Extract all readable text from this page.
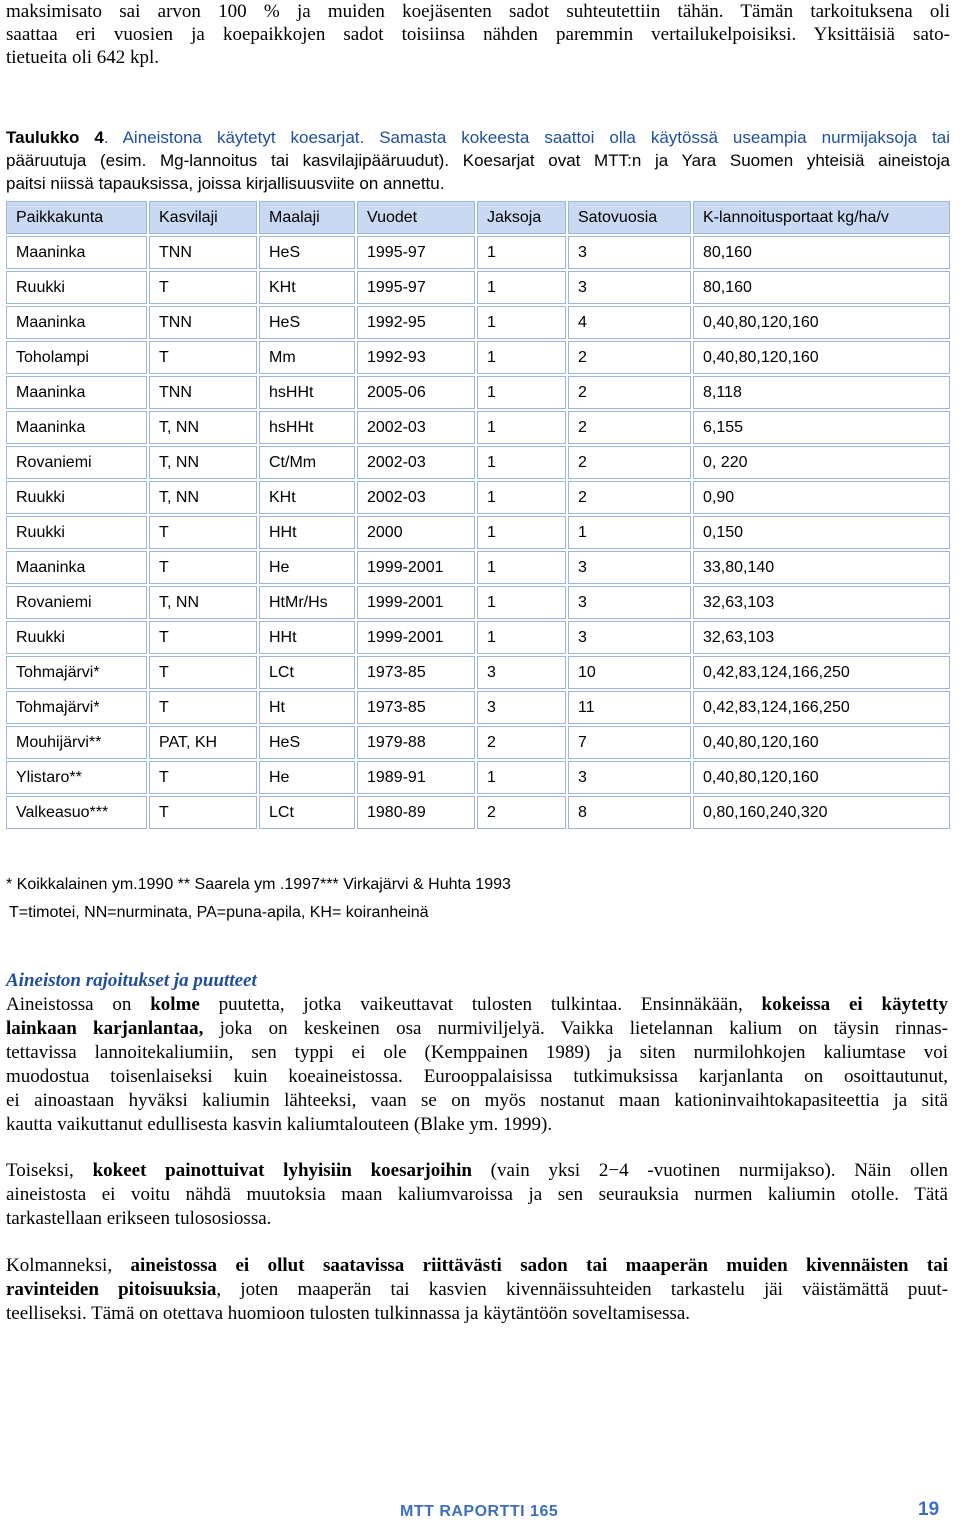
maksimisato sai arvon 100 % ja muiden koejäsenten sadot suhteutettiin tähän. Tämän tarkoituksena oli
saattaa eri vuosien ja koepaikkojen sadot toisiinsa nähden paremmin vertailukelpoisiksi. Yksittäisiä sato-
tietueita oli 642 kpl.
Taulukko 4. Aineistona käytetyt koesarjat. Samasta kokeesta saattoi olla käytössä useampia nurmijaksoja tai
pääruutuja (esim. Mg-lannoitus tai kasvilajipääruudut). Koesarjat ovat MTT:n ja Yara Suomen yhteisiä aineistoja
paitsi niissä tapauksissa, joissa kirjallisuusviite on annettu.
Paikkakunta	Kasvilaji	Maalaji	Vuodet	Jaksoja	Satovuosia	K-lannoitusportaat kg/ha/v
Maaninka	TNN	HeS	1995-97	1	3	80,160
Ruukki	T	KHt	1995-97	1	3	80,160
Maaninka	TNN	HeS	1992-95	1	4	0,40,80,120,160
Toholampi	T	Mm	1992-93	1	2	0,40,80,120,160
Maaninka	TNN	hsHHt	2005-06	1	2	8,118
Maaninka	T, NN	hsHHt	2002-03	1	2	6,155
Rovaniemi	T, NN	Ct/Mm	2002-03	1	2	0, 220
Ruukki	T, NN	KHt	2002-03	1	2	0,90
Ruukki	T	HHt	2000	1	1	0,150
Maaninka	T	He	1999-2001	1	3	33,80,140
Rovaniemi	T, NN	HtMr/Hs	1999-2001	1	3	32,63,103
Ruukki	T	HHt	1999-2001	1	3	32,63,103
Tohmajärvi*	T	LCt	1973-85	3	10	0,42,83,124,166,250
Tohmajärvi*	T	Ht	1973-85	3	11	0,42,83,124,166,250
Mouhijärvi**	PAT, KH	HeS	1979-88	2	7	0,40,80,120,160
Ylistaro**	T	He	1989-91	1	3	0,40,80,120,160
Valkeasuo***	T	LCt	1980-89	2	8	0,80,160,240,320
* Koikkalainen ym.1990 ** Saarela ym .1997*** Virkajärvi & Huhta 1993
T=timotei, NN=nurminata, PA=puna-apila, KH= koiranheinä

Aineiston rajoitukset ja puutteet

Aineistossa on kolme puutetta, jotka vaikeuttavat tulosten tulkintaa. Ensinnäkään, kokeissa ei käytetty
lainkaan karjanlantaa, joka on keskeinen osa nurmiviljelyä. Vaikka lietelannan kalium on täysin rinnas-
tettavissa lannoitekaliumiin, sen typpi ei ole (Kemppainen 1989) ja siten nurmilohkojen kaliumtase voi
muodostua toisenlaiseksi kuin koeaineistossa. Eurooppalaisissa tutkimuksissa karjanlanta on osoittautunut,
ei ainoastaan hyväksi kaliumin lähteeksi, vaan se on myös nostanut maan kationinvaihtokapasiteettia ja sitä
kautta vaikuttanut edullisesta kasvin kaliumtalouteen (Blake ym. 1999).

Toiseksi, kokeet painottuivat lyhyisiin koesarjoihin (vain yksi 2−4 -vuotinen nurmijakso). Näin ollen
aineistosta ei voitu nähdä muutoksia maan kaliumvaroissa ja sen seurauksia nurmen kaliumin otolle. Tätä
tarkastellaan erikseen tulososiossa.

Kolmanneksi, aineistossa ei ollut saatavissa riittävästi sadon tai maaperän muiden kivennäisten tai
ravinteiden pitoisuuksia, joten maaperän tai kasvien kivennäissuhteiden tarkastelu jäi väistämättä puut-
teelliseksi. Tämä on otettava huomioon tulosten tulkinnassa ja käytäntöön soveltamisessa.

MTT RAPORTTI 165	19
